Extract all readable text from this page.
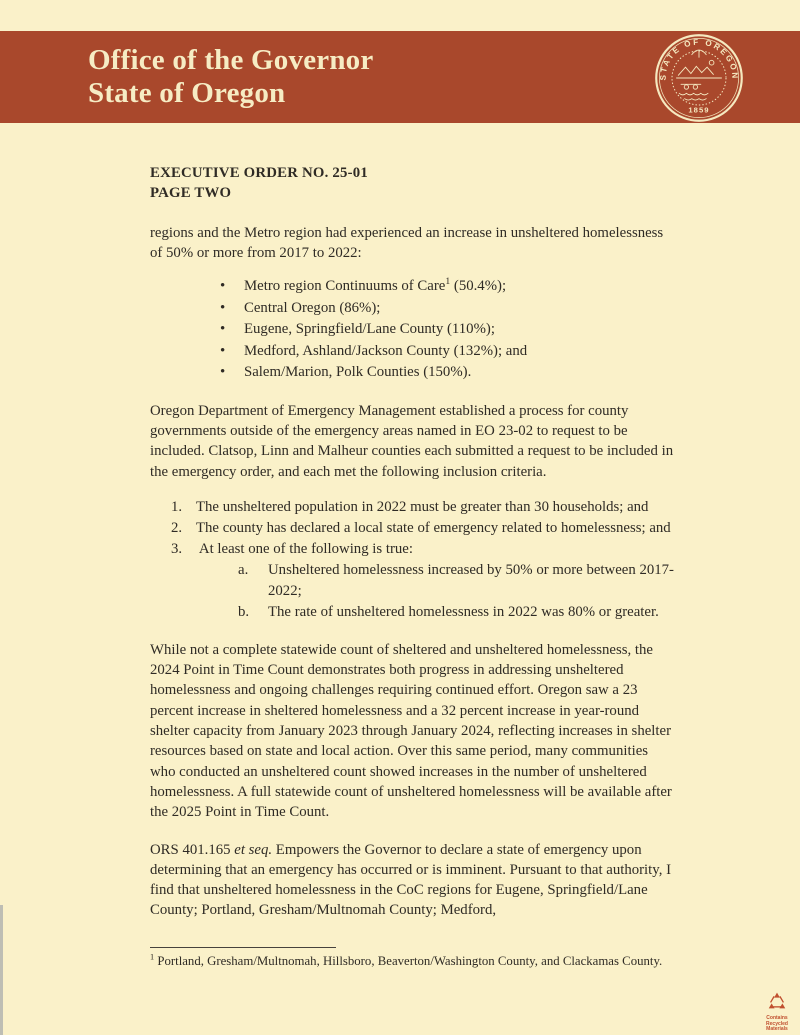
Office of the Governor
State of Oregon
STATE OF OREGON
1859
EXECUTIVE ORDER NO. 25-01
PAGE TWO

regions and the Metro region had experienced an increase in unsheltered homelessness of 50% or more from 2017 to 2022:

• Metro region Continuums of Care$^1$ (50.4%);
• Central Oregon (86%);
• Eugene, Springfield/Lane County (110%);
• Medford, Ashland/Jackson County (132%); and
• Salem/Marion, Polk Counties (150%).

Oregon Department of Emergency Management established a process for county governments outside of the emergency areas named in EO 23-02 to request to be included. Clatsop, Linn and Malheur counties each submitted a request to be included in the emergency order, and each met the following inclusion criteria.

The unsheltered population in 2022 must be greater than 30 households; and
The county has declared a local state of emergency related to homelessness; and
At least one of the following is true:
Unsheltered homelessness increased by 50% or more between 2017-2022;
The rate of unsheltered homelessness in 2022 was 80% or greater.

While not a complete statewide count of sheltered and unsheltered homelessness, the 2024 Point in Time Count demonstrates both progress in addressing unsheltered homelessness and ongoing challenges requiring continued effort. Oregon saw a 23 percent increase in sheltered homelessness and a 32 percent increase in year-round shelter capacity from January 2023 through January 2024, reflecting increases in shelter resources based on state and local action. Over this same period, many communities who conducted an unsheltered count showed increases in the number of unsheltered homelessness. A full statewide count of unsheltered homelessness will be available after the 2025 Point in Time Count.

ORS 401.165 et seq. Empowers the Governor to declare a state of emergency upon determining that an emergency has occurred or is imminent. Pursuant to that authority, I find that unsheltered homelessness in the CoC regions for Eugene, Springfield/Lane County; Portland, Gresham/Multnomah County; Medford,

$^1$ Portland, Gresham/Multnomah, Hillsboro, Beaverton/Washington County, and Clackamas County.

Contains Recycled Materials
